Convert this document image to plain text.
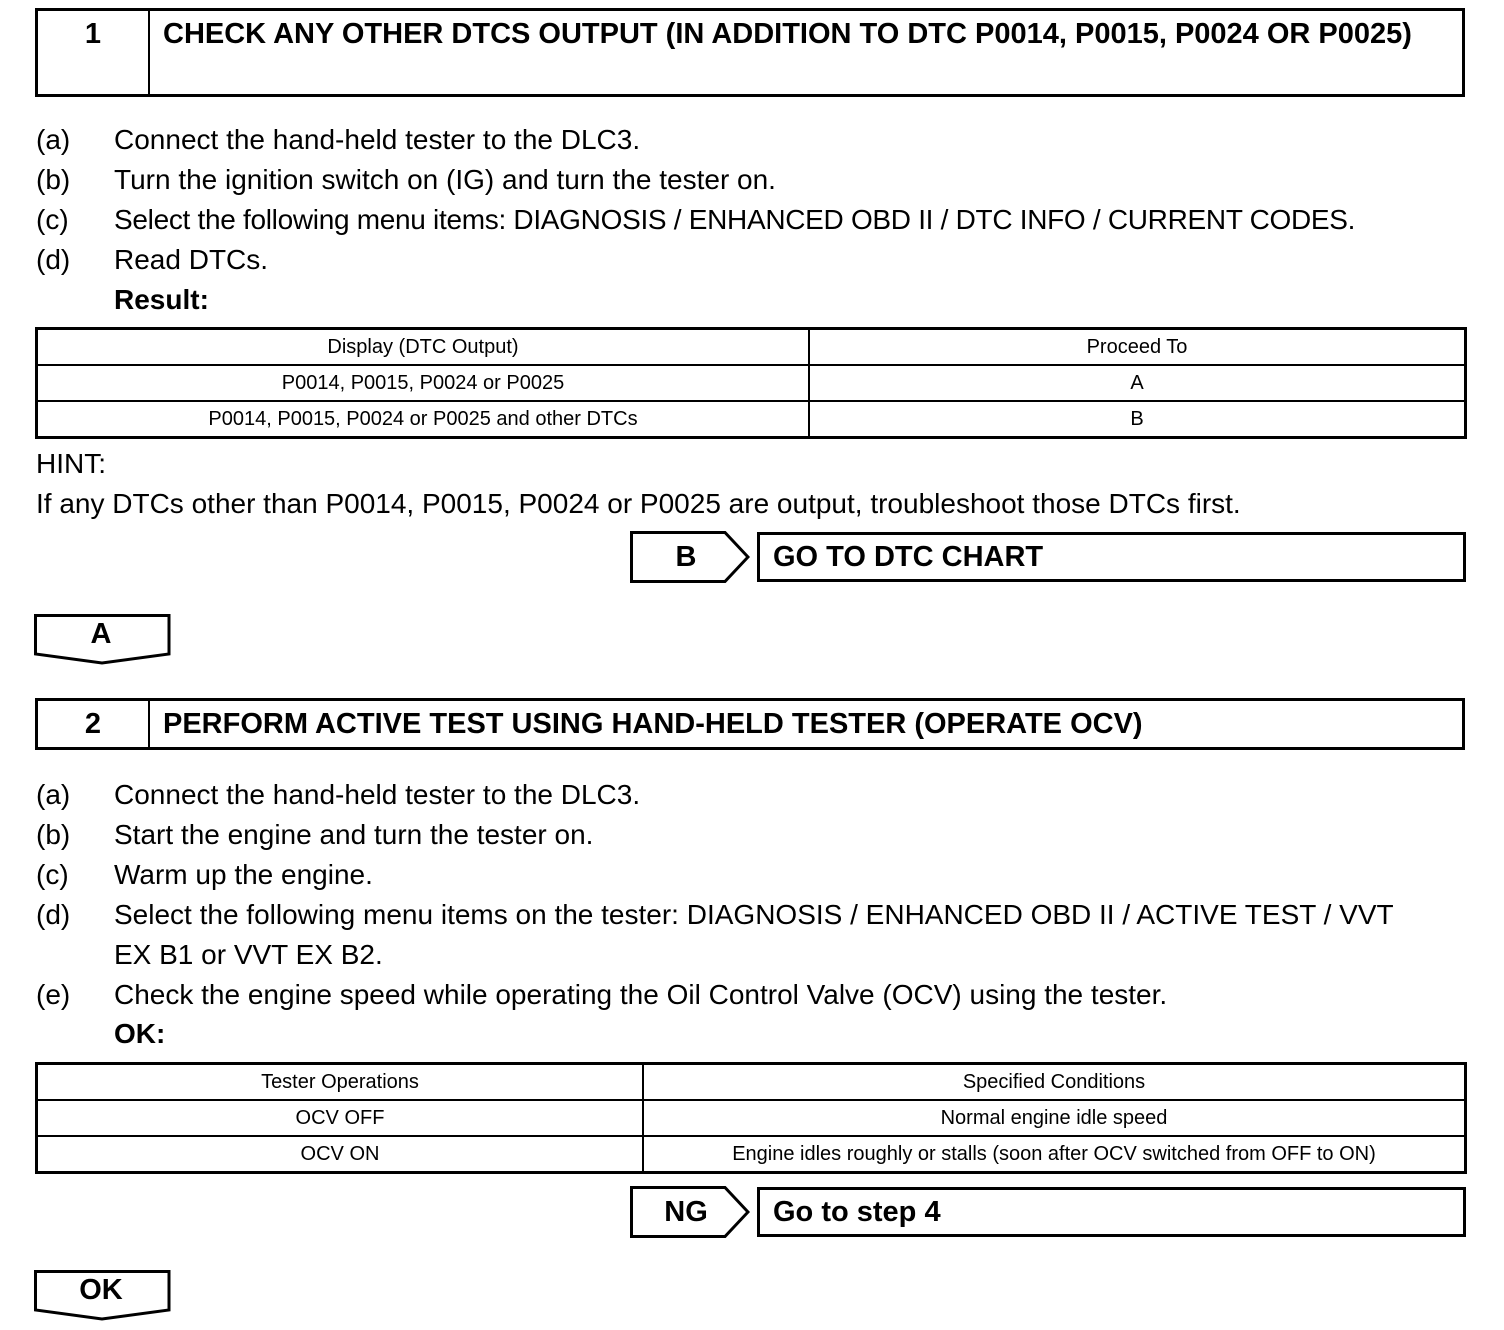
1	CHECK ANY OTHER DTCS OUTPUT (IN ADDITION TO DTC P0014, P0015, P0024 OR P0025)
(a)	Connect the hand-held tester to the DLC3.
(b)	Turn the ignition switch on (IG) and turn the tester on.
(c)	Select the following menu items: DIAGNOSIS / ENHANCED OBD II / DTC INFO / CURRENT CODES.
(d)	Read DTCs.
Result:
Display (DTC Output)	Proceed To
P0014, P0015, P0024 or P0025	A
P0014, P0015, P0024 or P0025 and other DTCs	B
HINT:
If any DTCs other than P0014, P0015, P0024 or P0025 are output, troubleshoot those DTCs first.
B	GO TO DTC CHART
A
2	PERFORM ACTIVE TEST USING HAND-HELD TESTER (OPERATE OCV)
(a)	Connect the hand-held tester to the DLC3.
(b)	Start the engine and turn the tester on.
(c)	Warm up the engine.
(d)	Select the following menu items on the tester: DIAGNOSIS / ENHANCED OBD II / ACTIVE TEST / VVT EX B1 or VVT EX B2.
(e)	Check the engine speed while operating the Oil Control Valve (OCV) using the tester.
OK:
Tester Operations	Specified Conditions
OCV OFF	Normal engine idle speed
OCV ON	Engine idles roughly or stalls (soon after OCV switched from OFF to ON)
NG	Go to step 4
OK
